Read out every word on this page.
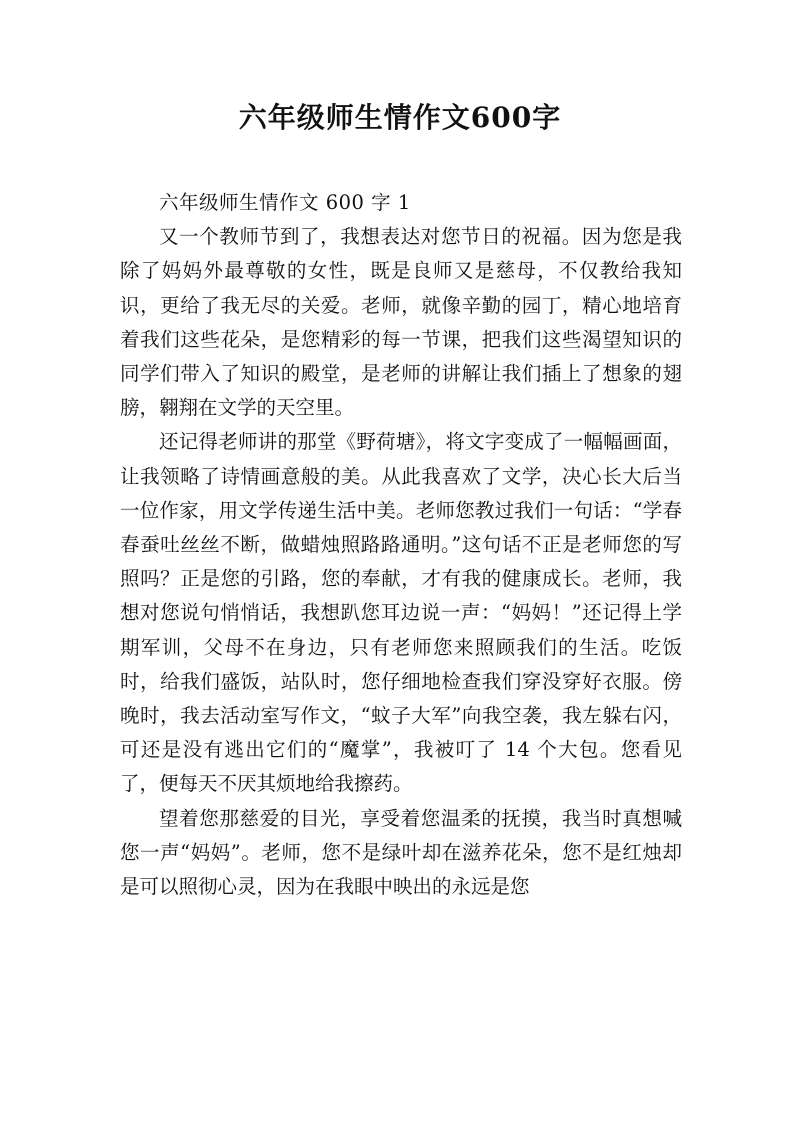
六年级师生情作文600字

六年级师生情作文 600 字 1

又一个教师节到了，我想表达对您节日的祝福。因为您是我除了妈妈外最尊敬的女性，既是良师又是慈母，不仅教给我知识，更给了我无尽的关爱。老师，就像辛勤的园丁，精心地培育着我们这些花朵，是您精彩的每一节课，把我们这些渴望知识的同学们带入了知识的殿堂，是老师的讲解让我们插上了想象的翅膀，翱翔在文学的天空里。

还记得老师讲的那堂《野荷塘》，将文字变成了一幅幅画面，让我领略了诗情画意般的美。从此我喜欢了文学，决心长大后当一位作家，用文学传递生活中美。老师您教过我们一句话：“学春春蚕吐丝丝不断，做蜡烛照路路通明。”这句话不正是老师您的写照吗？正是您的引路，您的奉献，才有我的健康成长。老师，我想对您说句悄悄话，我想趴您耳边说一声：“妈妈！”还记得上学期军训，父母不在身边，只有老师您来照顾我们的生活。吃饭时，给我们盛饭，站队时，您仔细地检查我们穿没穿好衣服。傍晚时，我去活动室写作文，“蚊子大军”向我空袭，我左躲右闪，可还是没有逃出它们的“魔掌”，我被叮了 14 个大包。您看见了，便每天不厌其烦地给我擦药。

望着您那慈爱的目光，享受着您温柔的抚摸，我当时真想喊您一声“妈妈”。老师，您不是绿叶却在滋养花朵，您不是红烛却是可以照彻心灵，因为在我眼中映出的永远是您
